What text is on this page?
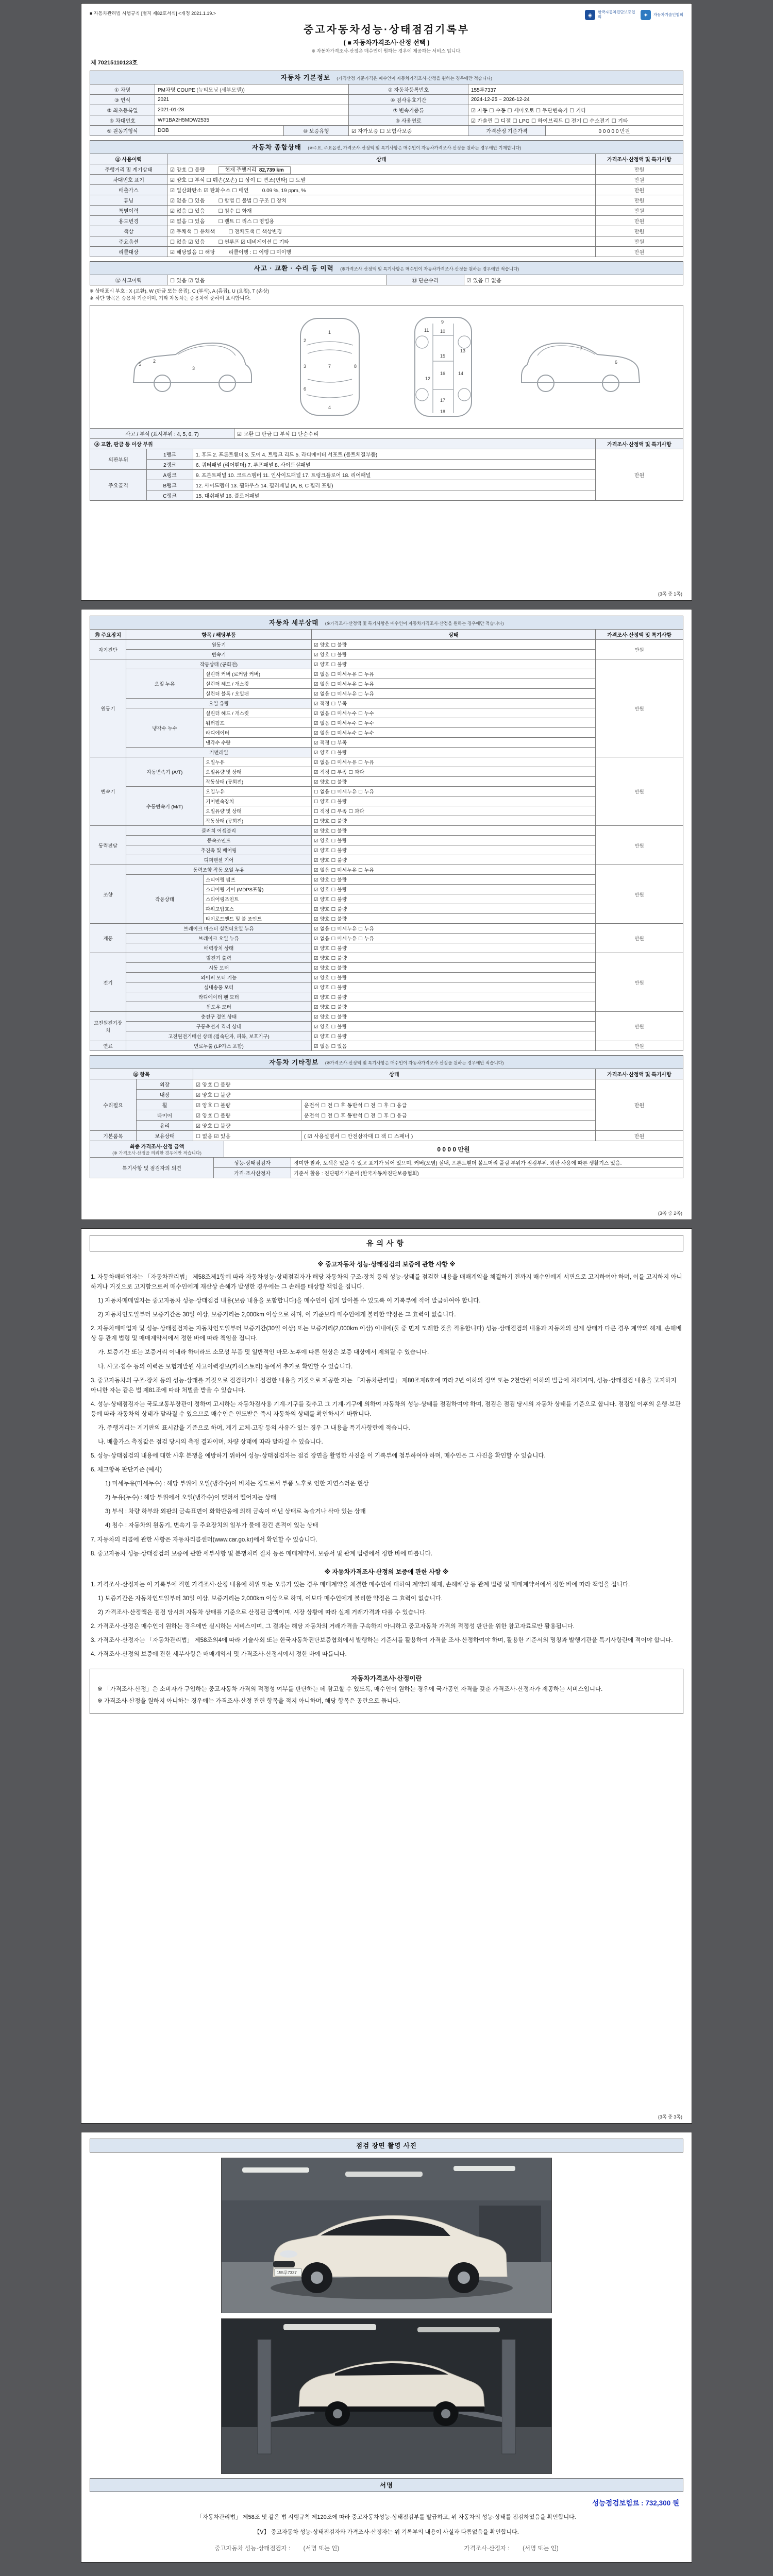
■ 자동차관리법 시행규칙 [별지 제82호서식] <개정 2021.1.19.>	◈	한국자동차진단보증협회	✦	자동차기술인협회
중고자동차성능·상태점검기록부
( ■ 자동차가격조사·산정 선택 )
※ 자동차가격조사·산정은 매수인이 원하는 경우에 제공하는 서비스 입니다.
제 70215110123호
자동차 기본정보 (가격산정 기준가격은 매수인이 자동차가격조사·산정을 원하는 경우에만 적습니다)
① 차명	PM차명 COUPE (뉴티모닝 (세부모델))		② 자동차등록번호	155루7337	
③ 연식	2021		④ 검사유효기간	2024-12-25 ~ 2026-12-24	
⑤ 최초등록일	2021-01-28		⑦ 변속기종류	☑ 자동 ☐ 수동 ☐ 세미오토 ☐ 무단변속기 ☐ 기타	
⑥ 차대번호	WF1BA2H5MDW2535		⑧ 사용연료	☑ 가솔린 ☐ 디젤 ☐ LPG ☐ 하이브리드 ☐ 전기 ☐ 수소전기 ☐ 기타	
⑨ 원동기형식	DOB	⑩ 보증유형	☑ 자가보증 ☐ 보험사보증	가격산정 기준가격	0 0 0 0 0 만원
자동차 종합상태 (※주요, 주요옵션, 가격조사·산정액 및 특기사항은 매수인이 자동차가격조사·산정을 원하는 경우에만 기재합니다)
⑪ 사용이력	상태	가격조사·산정액 및 특기사항
주행거리 및 계기상태	☑ 양호 ☐ 불량 현재 주행거리 82,739 km	만원
차대번호 표기	☑ 양호 ☐ 부식 ☐ 훼손(오손) ☐ 상이 ☐ 변조(변타) ☐ 도말	만원
배출가스	☑ 일산화탄소 ☑ 탄화수소 ☐ 매연 0.09 %, 19 ppm, %	만원
튜닝	☑ 없음 ☐ 있음 ☐ 합법 ☐ 불법 ☐ 구조 ☐ 장치	만원
특별이력	☑ 없음 ☐ 있음 ☐ 침수 ☐ 화재	만원
용도변경	☑ 없음 ☐ 있음 ☐ 렌트 ☐ 리스 ☐ 영업용	만원
색상	☑ 무채색 ☐ 유채색 ☐ 전체도색 ☐ 색상변경	만원
주요옵션	☐ 없음 ☑ 있음 ☐ 썬루프 ☑ 네비게이션 ☐ 기타	만원
리콜대상	☑ 해당없음 ☐ 해당 리콜이행 : ☐ 이행 ☐ 미이행	만원
사고 · 교환 · 수리 등 이력 (※가격조사·산정액 및 특기사항은 매수인이 자동차가격조사·산정을 원하는 경우에만 적습니다)
⑫ 사고이력	☐ 있음 ☑ 없음	⑬ 단순수리	☑ 있음 ☐ 없음
※ 상태표시 부호 : X (교환), W (판금 또는 용접), C (부식), A (흠집), U (요철), T (손상)
※ 하단 항목은 승용차 기준이며, 기타 자동차는 승용차에 준하여 표시합니다.
5
2
3
1
2
3	7
6
4
8
9
10
11
15
16
12
13
14
17
18
6
7
사고 / 부식 (표시부위 : 4, 5, 6, 7)	☑ 교환 ☐ 판금 ☐ 부식 ☐ 단순수리
⑭ 교환, 판금 등 이상 부위			가격조사·산정액 및 특기사항
외판부위	1랭크	1. 후드 2. 프론트휀더 3. 도어 4. 트렁크 리드 5. 라디에이터 서포트 (볼트체결부품)	만원
	2랭크	6. 쿼터패널 (리어휀더) 7. 루프패널 8. 사이드실패널	
주요골격	A랭크	9. 프론트패널 10. 크로스멤버 11. 인사이드패널 17. 트렁크플로어 18. 리어패널	
	B랭크	12. 사이드멤버 13. 휠하우스 14. 필러패널 (A, B, C 필러 포함)	
	C랭크	15. 대쉬패널 16. 플로어패널	
(3쪽 중 1쪽)
자동차 세부상태 (※가격조사·산정액 및 특기사항은 매수인이 자동차가격조사·산정을 원하는 경우에만 적습니다)
⑮ 주요장치	항목 / 해당부품		상태	가격조사·산정액 및 특기사항
자기진단	원동기		☑ 양호 ☐ 불량	만원
	변속기		☑ 양호 ☐ 불량	
원동기	작동상태 (공회전)		☑ 양호 ☐ 불량	만원
	오일 누유	실린더 커버 (로커암 커버)	☑ 없음 ☐ 미세누유 ☐ 누유	
		실린더 헤드 / 개스킷	☑ 없음 ☐ 미세누유 ☐ 누유	
		실린더 블록 / 오일팬	☑ 없음 ☐ 미세누유 ☐ 누유	
	오일 유량		☑ 적정 ☐ 부족	
	냉각수 누수	실린더 헤드 / 개스킷	☑ 없음 ☐ 미세누수 ☐ 누수	
		워터펌프	☑ 없음 ☐ 미세누수 ☐ 누수	
		라디에이터	☑ 없음 ☐ 미세누수 ☐ 누수	
		냉각수 수량	☑ 적정 ☐ 부족	
	커먼레일		☑ 양호 ☐ 불량	
변속기	자동변속기 (A/T)	오일누유	☑ 없음 ☐ 미세누유 ☐ 누유	만원
		오일유량 및 상태	☑ 적정 ☐ 부족 ☐ 과다	
		작동상태 (공회전)	☑ 양호 ☐ 불량	
	수동변속기 (M/T)	오일누유	☐ 없음 ☐ 미세누유 ☐ 누유	
		기어변속장치	☐ 양호 ☐ 불량	
		오일유량 및 상태	☐ 적정 ☐ 부족 ☐ 과다	
		작동상태 (공회전)	☐ 양호 ☐ 불량	
동력전달	클러치 어셈블리		☑ 양호 ☐ 불량	만원
	등속조인트		☑ 양호 ☐ 불량	
	추진축 및 베어링		☑ 양호 ☐ 불량	
	디퍼렌셜 기어		☑ 양호 ☐ 불량	
조향	동력조향 작동 오일 누유		☑ 없음 ☐ 미세누유 ☐ 누유	만원
	작동상태	스티어링 펌프	☑ 양호 ☐ 불량	
		스티어링 기어 (MDPS포함)	☑ 양호 ☐ 불량	
		스티어링조인트	☑ 양호 ☐ 불량	
		파워고압호스	☑ 양호 ☐ 불량	
		타이로드엔드 및 볼 조인트	☑ 양호 ☐ 불량	
제동	브레이크 마스터 실린더오일 누유		☑ 없음 ☐ 미세누유 ☐ 누유	만원
	브레이크 오일 누유		☑ 없음 ☐ 미세누유 ☐ 누유	
	배력장치 상태		☑ 양호 ☐ 불량	
전기	발전기 출력		☑ 양호 ☐ 불량	만원
	시동 모터		☑ 양호 ☐ 불량	
	와이퍼 모터 기능		☑ 양호 ☐ 불량	
	실내송풍 모터		☑ 양호 ☐ 불량	
	라디에이터 팬 모터		☑ 양호 ☐ 불량	
	윈도우 모터		☑ 양호 ☐ 불량	
고전원전기장치	충전구 절연 상태		☑ 양호 ☐ 불량	만원
	구동축전지 격리 상태		☑ 양호 ☐ 불량	
	고전원전기배선 상태 (접속단자, 피복, 보호기구)		☑ 양호 ☐ 불량	
연료	연료누출 (LP가스 포함)		☑ 없음 ☐ 있음	만원
자동차 기타정보 (※가격조사·산정액 및 특기사항은 매수인이 자동차가격조사·산정을 원하는 경우에만 적습니다)
⑯ 항목		상태		가격조사·산정액 및 특기사항
수리필요	외장	☑ 양호 ☐ 불량		만원
	내장	☑ 양호 ☐ 불량		
	휠	☑ 양호 ☐ 불량	운전석 ☐ 전 ☐ 후 동반석 ☐ 전 ☐ 후 ☐ 응급	
	타이어	☑ 양호 ☐ 불량	운전석 ☐ 전 ☐ 후 동반석 ☐ 전 ☐ 후 ☐ 응급	
	유리	☑ 양호 ☐ 불량		
기본품목	보유상태	☐ 없음 ☑ 있음	( ☑ 사용설명서 ☐ 안전삼각대 ☐ 잭 ☐ 스패너 )	만원
최종 가격조사·산정 금액
(※ 가격조사·산정을 의뢰한 경우에만 적습니다)	0 0 0 0 만원
특기사항 및 점검자의 의견	성능·상태점검자	경미한 찰과, 도색은 있을 수 있고 표기가 되어 있으며, 커버(오염) 실내, 프론트휀더 볼트머리 풀림 부위가 점검부위. 외판 사용에 따른 생활기스 있음.
	가격·조사산정자	기준서 활용 : 진단평가기준서 (한국자동차진단보증협회)
(3쪽 중 2쪽)
유의사항
※ 중고자동차 성능·상태점검의 보증에 관한 사항 ※
1. 자동차매매업자는 「자동차관리법」 제58조제1항에 따라 자동차성능·상태점검자가 해당 자동차의 구조·장치 등의 성능·상태를 점검한 내용을 매매계약을 체결하기 전까지 매수인에게 서면으로 고지하여야 하며, 이를 고지하지 아니하거나 거짓으로 고지함으로써 매수인에게 재산상 손해가 발생한 경우에는 그 손해를 배상할 책임을 집니다.
1) 자동차매매업자는 중고자동차 성능·상태점검 내용(보증 내용을 포함합니다)을 매수인이 쉽게 알아볼 수 있도록 이 기록부에 적어 발급하여야 합니다.
2) 자동차인도일부터 보증기간은 30일 이상, 보증거리는 2,000km 이상으로 하며, 이 기준보다 매수인에게 불리한 약정은 그 효력이 없습니다.
2. 자동차매매업자 및 성능·상태점검자는 자동차인도일부터 보증기간(30일 이상) 또는 보증거리(2,000km 이상) 이내에(둘 중 먼저 도래한 것을 적용합니다) 성능·상태점검의 내용과 자동차의 실제 상태가 다른 경우 계약의 해제, 손해배상 등 관계 법령 및 매매계약서에서 정한 바에 따라 책임을 집니다.
가. 보증기간 또는 보증거리 이내라 하더라도 소모성 부품 및 일반적인 마모·노후에 따른 현상은 보증 대상에서 제외될 수 있습니다.
나. 사고·침수 등의 이력은 보험개발원 사고이력정보(카히스토리) 등에서 추가로 확인할 수 있습니다.
3. 중고자동차의 구조·장치 등의 성능·상태를 거짓으로 점검하거나 점검한 내용을 거짓으로 제공한 자는 「자동차관리법」 제80조제6호에 따라 2년 이하의 징역 또는 2천만원 이하의 벌금에 처해지며, 성능·상태점검 내용을 고지하지 아니한 자는 같은 법 제81조에 따라 처벌을 받을 수 있습니다.
4. 성능·상태점검자는 국토교통부장관이 정하여 고시하는 자동차검사용 기계·기구를 갖추고 그 기계·기구에 의하여 자동차의 성능·상태를 점검하여야 하며, 점검은 점검 당시의 자동차 상태를 기준으로 합니다. 점검일 이후의 운행·보관 등에 따라 자동차의 상태가 달라질 수 있으므로 매수인은 인도받은 즉시 자동차의 상태를 확인하시기 바랍니다.
가. 주행거리는 계기판의 표시값을 기준으로 하며, 계기 교체·고장 등의 사유가 있는 경우 그 내용을 특기사항란에 적습니다.
나. 배출가스 측정값은 점검 당시의 측정 결과이며, 차량 상태에 따라 달라질 수 있습니다.
5. 성능·상태점검의 내용에 대한 사후 분쟁을 예방하기 위하여 성능·상태점검자는 점검 장면을 촬영한 사진을 이 기록부에 첨부하여야 하며, 매수인은 그 사진을 확인할 수 있습니다.
6. 체크항목 판단기준 (예시)
1) 미세누유(미세누수) : 해당 부위에 오일(냉각수)이 비치는 정도로서 부품 노후로 인한 자연스러운 현상
2) 누유(누수) : 해당 부위에서 오일(냉각수)이 맺혀서 떨어지는 상태
3) 부식 : 차량 하부와 외판의 금속표면이 화학반응에 의해 금속이 아닌 상태로 녹슬거나 삭아 있는 상태
4) 침수 : 자동차의 원동기, 변속기 등 주요장치의 일부가 물에 잠긴 흔적이 있는 상태
7. 자동차의 리콜에 관한 사항은 자동차리콜센터(www.car.go.kr)에서 확인할 수 있습니다.
8. 중고자동차 성능·상태점검의 보증에 관한 세부사항 및 분쟁처리 절차 등은 매매계약서, 보증서 및 관계 법령에서 정한 바에 따릅니다.
※ 자동차가격조사·산정의 보증에 관한 사항 ※
1. 가격조사·산정자는 이 기록부에 적힌 가격조사·산정 내용에 허위 또는 오류가 있는 경우 매매계약을 체결한 매수인에 대하여 계약의 해제, 손해배상 등 관계 법령 및 매매계약서에서 정한 바에 따라 책임을 집니다.
1) 보증기간은 자동차인도일부터 30일 이상, 보증거리는 2,000km 이상으로 하며, 이보다 매수인에게 불리한 약정은 그 효력이 없습니다.
2) 가격조사·산정액은 점검 당시의 자동차 상태를 기준으로 산정된 금액이며, 시장 상황에 따라 실제 거래가격과 다를 수 있습니다.
2. 가격조사·산정은 매수인이 원하는 경우에만 실시하는 서비스이며, 그 결과는 해당 자동차의 거래가격을 구속하지 아니하고 중고자동차 가격의 적정성 판단을 위한 참고자료로만 활용됩니다.
3. 가격조사·산정자는 「자동차관리법」 제58조의4에 따라 기술사회 또는 한국자동차진단보증협회에서 발행하는 기준서를 활용하여 가격을 조사·산정하여야 하며, 활용한 기준서의 명칭과 발행기관을 특기사항란에 적어야 합니다.
4. 가격조사·산정의 보증에 관한 세부사항은 매매계약서 및 가격조사·산정서에서 정한 바에 따릅니다.
자동차가격조사·산정이란
※ 「가격조사·산정」은 소비자가 구입하는 중고자동차 가격의 적정성 여부를 판단하는 데 참고할 수 있도록, 매수인이 원하는 경우에 국가공인 자격을 갖춘 가격조사·산정자가 제공하는 서비스입니다.
※ 가격조사·산정을 원하지 아니하는 경우에는 가격조사·산정 관련 항목을 적지 아니하며, 해당 항목은 공란으로 둡니다.
(3쪽 중 3쪽)
점검 장면 촬영 사진
155루7337
서명
성능점검보험료 : 732,300 원
「자동차관리법」 제58조 및 같은 법 시행규칙 제120조에 따라 중고자동차성능·상태점검부를 발급하고, 위 자동차의 성능·상태를 점검하였음을 확인합니다.
【Ⅴ】 중고자동차 성능·상태점검자와 가격조사·산정자는 위 기록부의 내용이 사실과 다름없음을 확인합니다.
중고자동차 성능·상태점검자 : (서명 또는 인)	가격조사·산정자 : (서명 또는 인)
